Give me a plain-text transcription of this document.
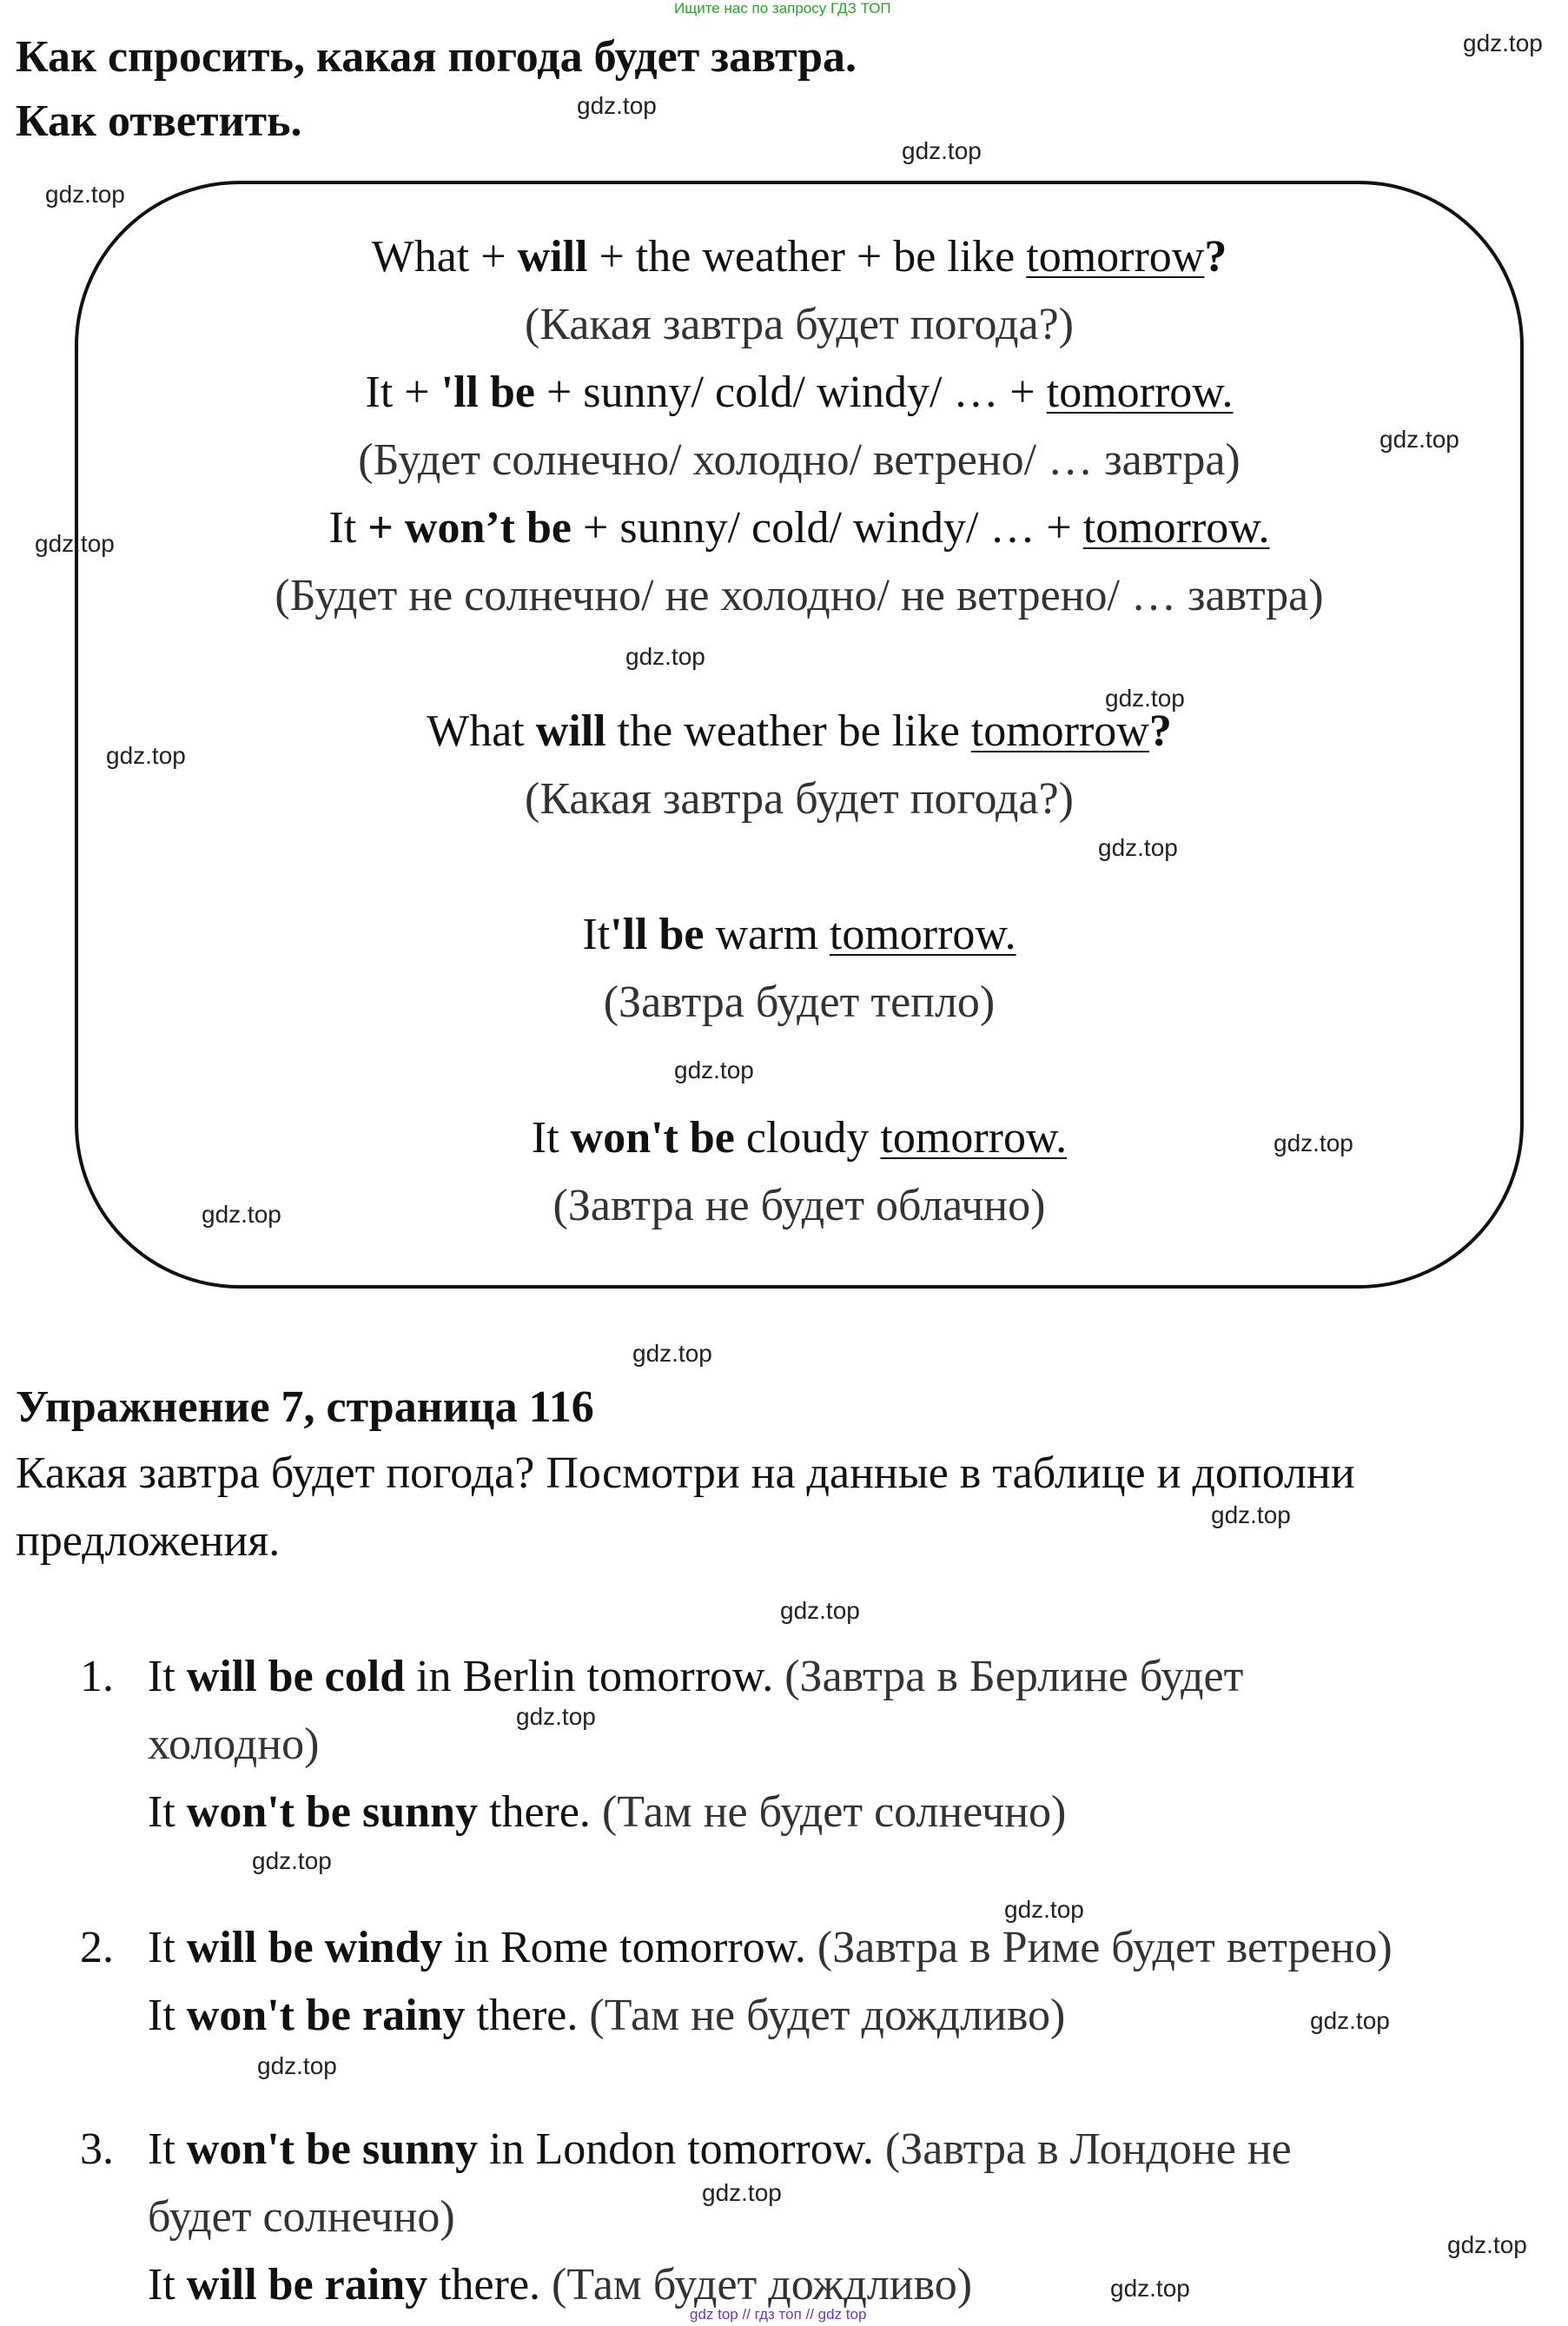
Ищите нас по запросу ГДЗ ТОП
Как спросить, какая погода будет завтра.
Как ответить.
What + will + the weather + be like tomorrow?
(Какая завтра будет погода?)
It + 'll be + sunny/ cold/ windy/ … + tomorrow.
(Будет солнечно/ холодно/ ветрено/ … завтра)
It + won’t be + sunny/ cold/ windy/ … + tomorrow.
(Будет не солнечно/ не холодно/ не ветрено/ … завтра)
What will the weather be like tomorrow?
(Какая завтра будет погода?)
It'll be warm tomorrow.
(Завтра будет тепло)
It won't be cloudy tomorrow.
(Завтра не будет облачно)
Упражнение 7, страница 116
Какая завтра будет погода? Посмотри на данные в таблице и дополни
предложения.
1. It will be cold in Berlin tomorrow. (Завтра в Берлине будет
холодно)
It won't be sunny there. (Там не будет солнечно)
2. It will be windy in Rome tomorrow. (Завтра в Риме будет ветрено)
It won't be rainy there. (Там не будет дождливо)
3. It won't be sunny in London tomorrow. (Завтра в Лондоне не
будет солнечно)
It will be rainy there. (Там будет дождливо)
gdz.top
gdz.top
gdz.top
gdz.top
gdz.top
gdz.top
gdz.top
gdz.top
gdz.top
gdz.top
gdz.top
gdz.top
gdz.top
gdz.top
gdz.top
gdz.top
gdz.top
gdz.top
gdz.top
gdz.top
gdz.top
gdz.top
gdz.top
gdz.top
gdz top // гдз топ // gdz top
